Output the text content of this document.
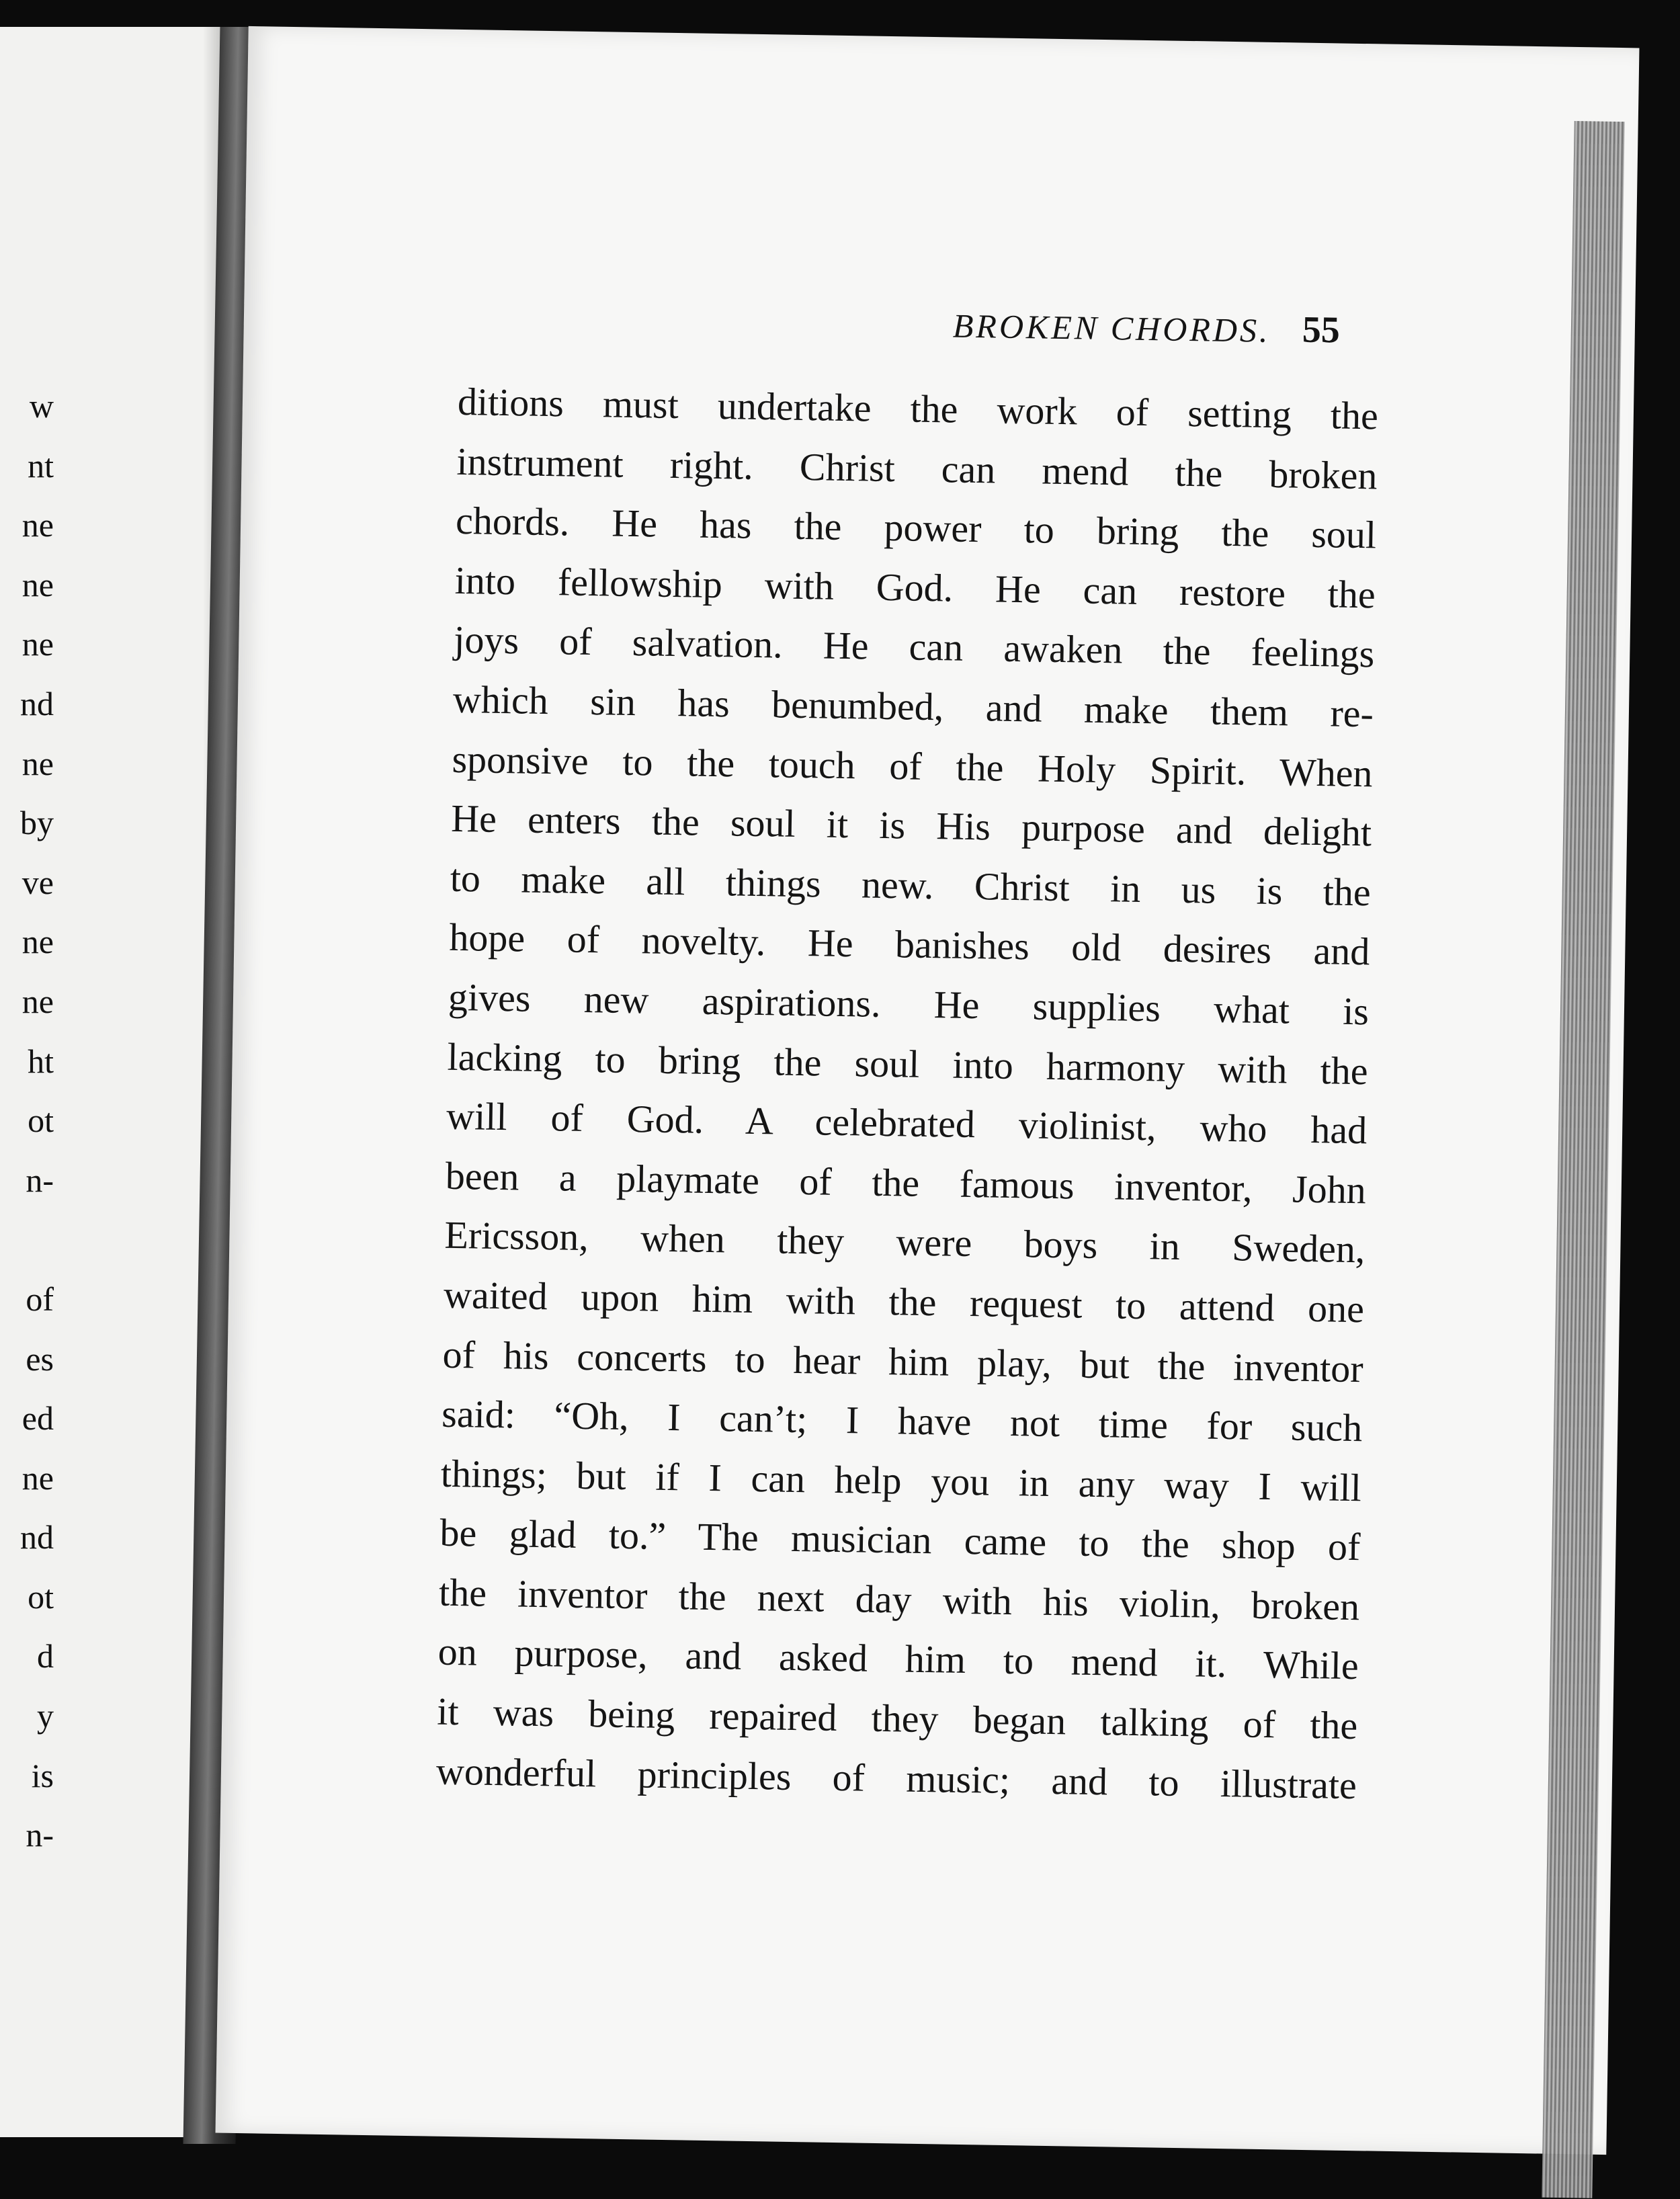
w
nt
ne
ne
ne
nd
ne
by
ve
ne
ne
ht
ot
n-
of
es
ed
ne
nd
ot
d
y
is
n-
BROKEN CHORDS. 55
ditions must undertake the work of setting the
instrument right. Christ can mend the broken
chords. He has the power to bring the soul
into fellowship with God. He can restore the
joys of salvation. He can awaken the feelings
which sin has benumbed, and make them re-
sponsive to the touch of the Holy Spirit. When
He enters the soul it is His purpose and delight
to make all things new. Christ in us is the
hope of novelty. He banishes old desires and
gives new aspirations. He supplies what is
lacking to bring the soul into harmony with the
will of God. A celebrated violinist, who had
been a playmate of the famous inventor, John
Ericsson, when they were boys in Sweden,
waited upon him with the request to attend one
of his concerts to hear him play, but the inventor
said: “Oh, I can’t; I have not time for such
things; but if I can help you in any way I will
be glad to.” The musician came to the shop of
the inventor the next day with his violin, broken
on purpose, and asked him to mend it. While
it was being repaired they began talking of the
wonderful principles of music; and to illustrate
